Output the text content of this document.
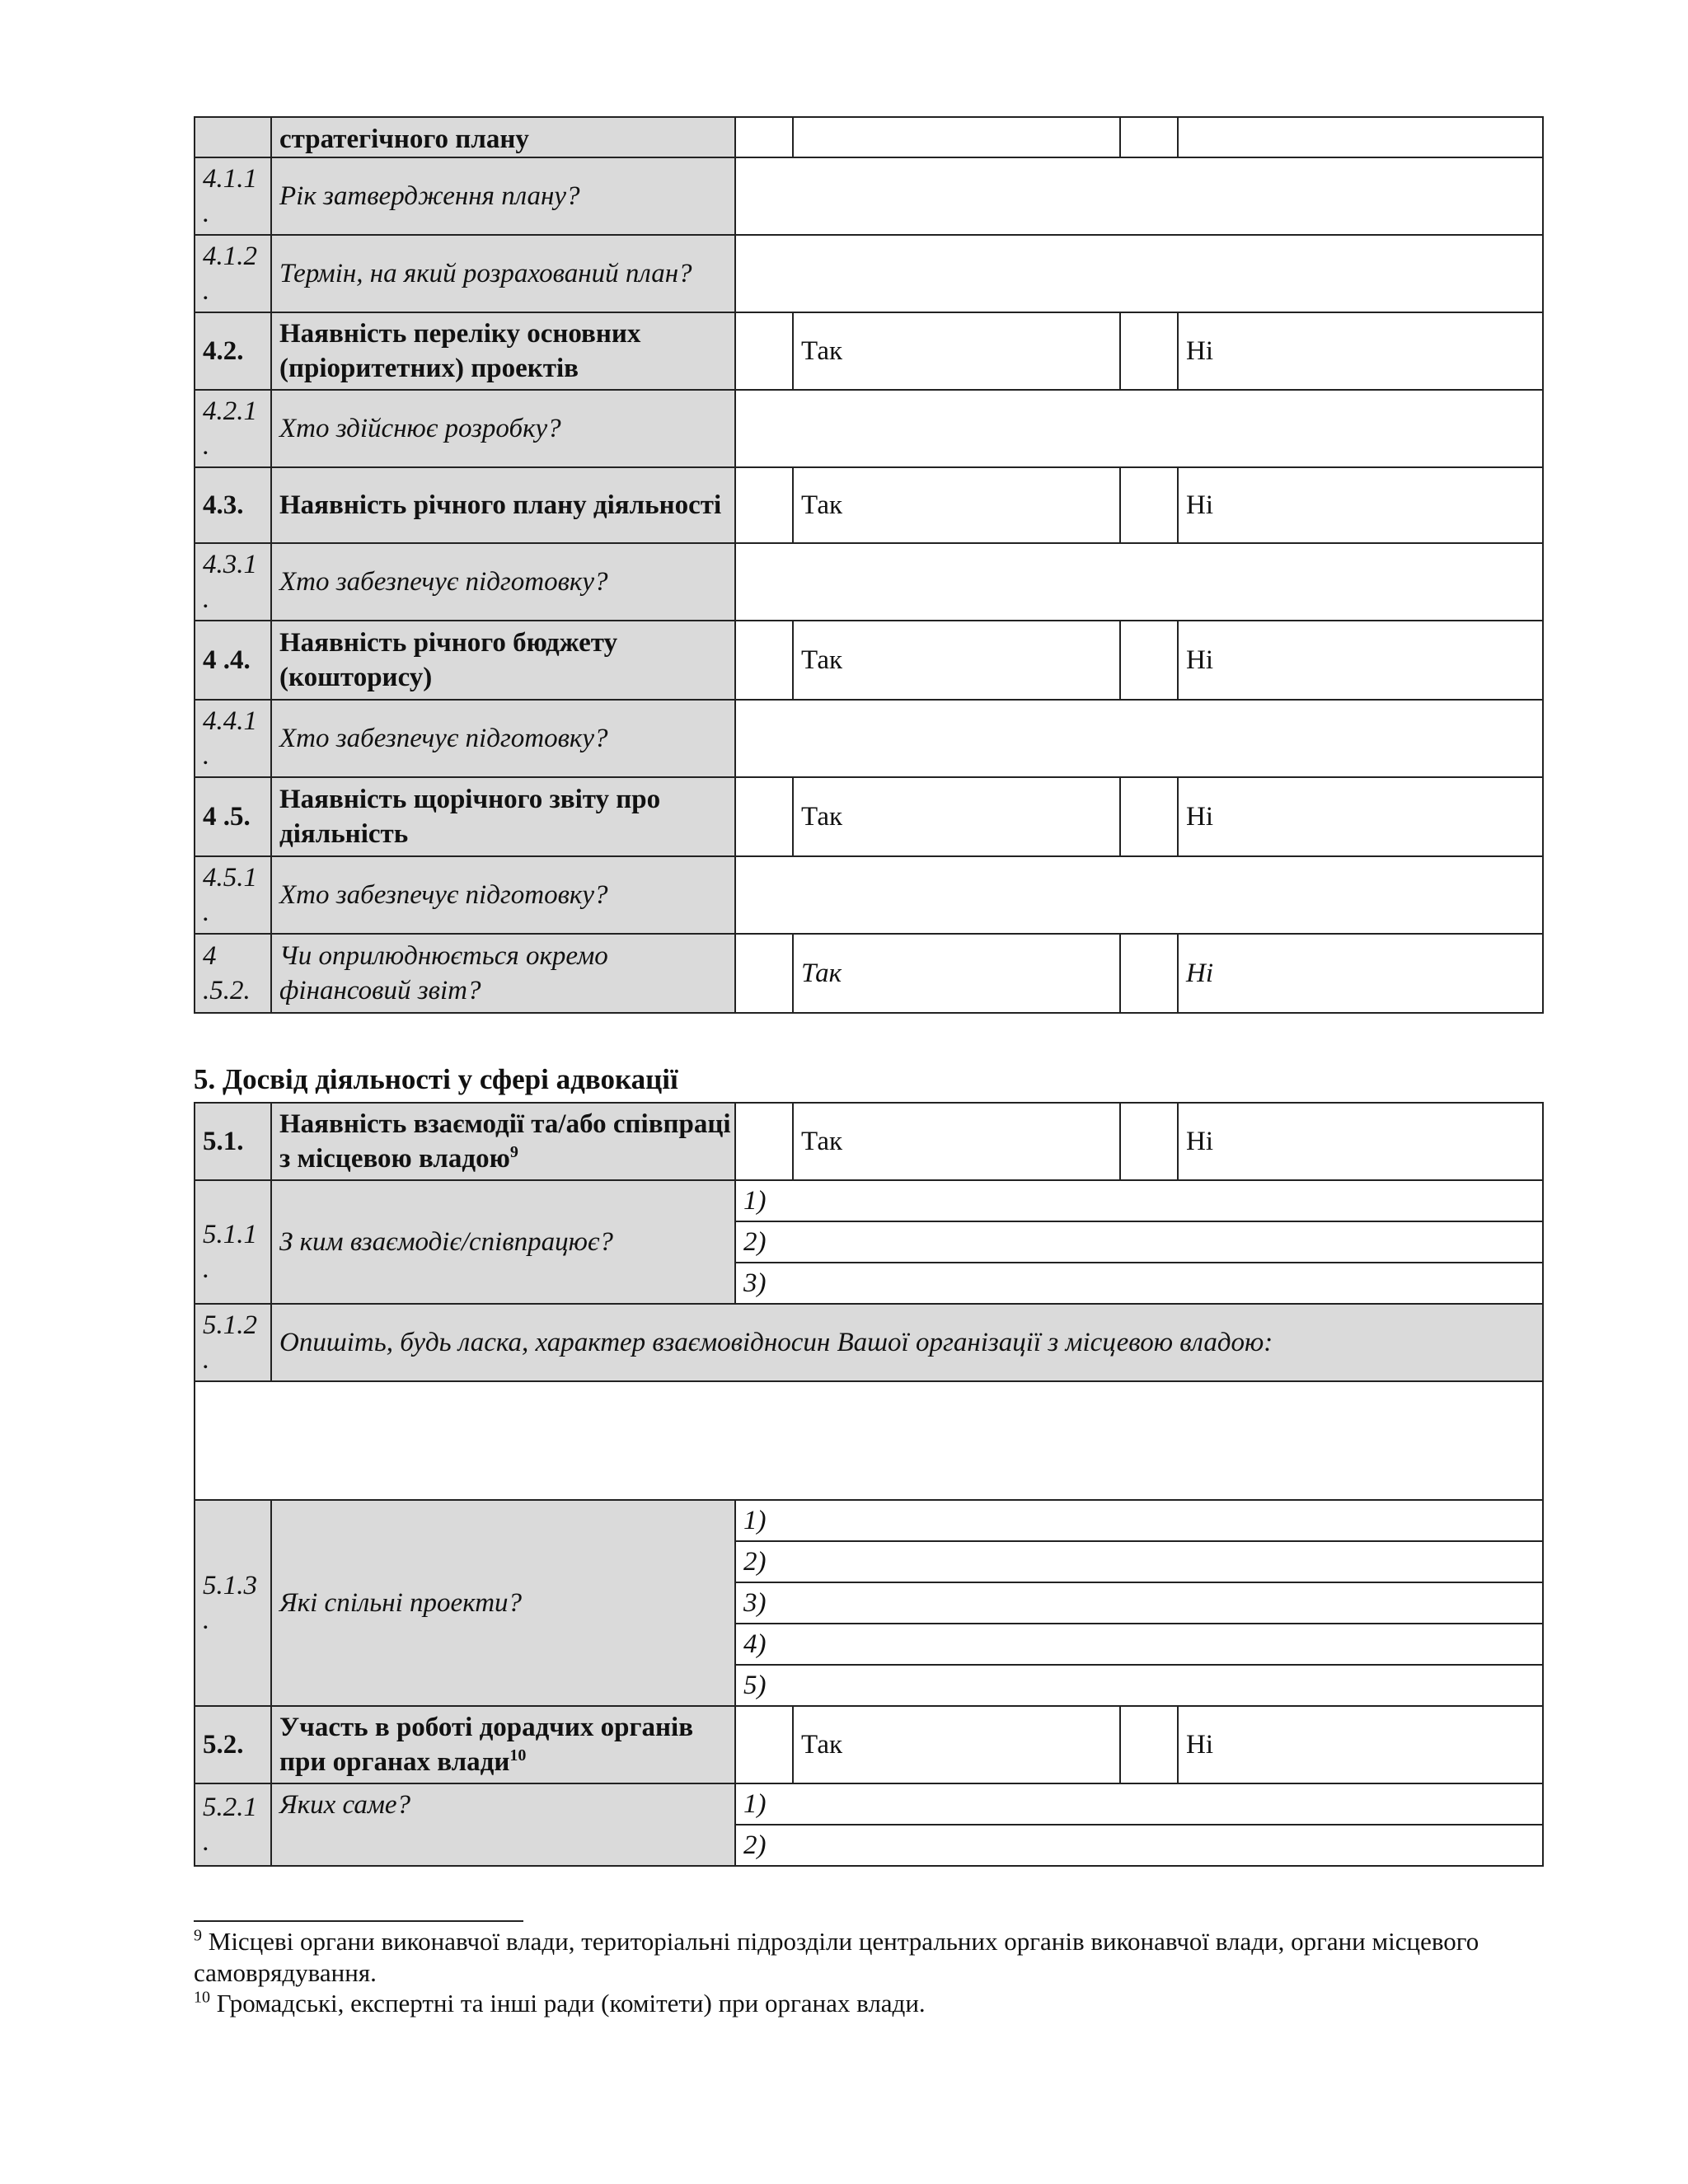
	стратегічного плану				
4.1.1 .	Рік затвердження плану?				
4.1.2 .	Термін, на який розрахований план?				
4.2.	Наявність переліку основних (пріоритетних) проектів		Так		Ні
4.2.1 .	Хто здійснює розробку?				
4.3.	Наявність річного плану діяльності		Так		Ні
4.3.1 .	Хто забезпечує підготовку?				
4 .4.	Наявність річного бюджету (кошторису)		Так		Ні
4.4.1 .	Хто забезпечує підготовку?				
4 .5.	Наявність щорічного звіту про діяльність		Так		Ні
4.5.1 .	Хто забезпечує підготовку?				
4 .5.2.	Чи оприлюднюється окремо фінансовий звіт?		Так		Ні
5. Досвід діяльності у сфері адвокації
5.1.	Наявність взаємодії та/або співпраці з місцевою владою$^9$		Так		Ні
5.1.1 .	З ким взаємодіє/співпрацює?	1)			
		2)			
		3)			
5.1.2 .	Опишіть, будь ласка, характер взаємовідносин Вашої організації з місцевою владою:				

5.1.3 .	Які спільні проекти?	1)			
		2)			
		3)			
		4)			
		5)			
5.2.	Участь в роботі дорадчих органів при органах влади$^{10}$		Так		Ні
5.2.1 .	Яких саме?	1)			
		2)			
$^9$ Місцеві органи виконавчої влади, територіальні підрозділи центральних органів виконавчої влади, органи місцевого самоврядування.
$^{10}$ Громадські, експертні та інші ради (комітети) при органах влади.
